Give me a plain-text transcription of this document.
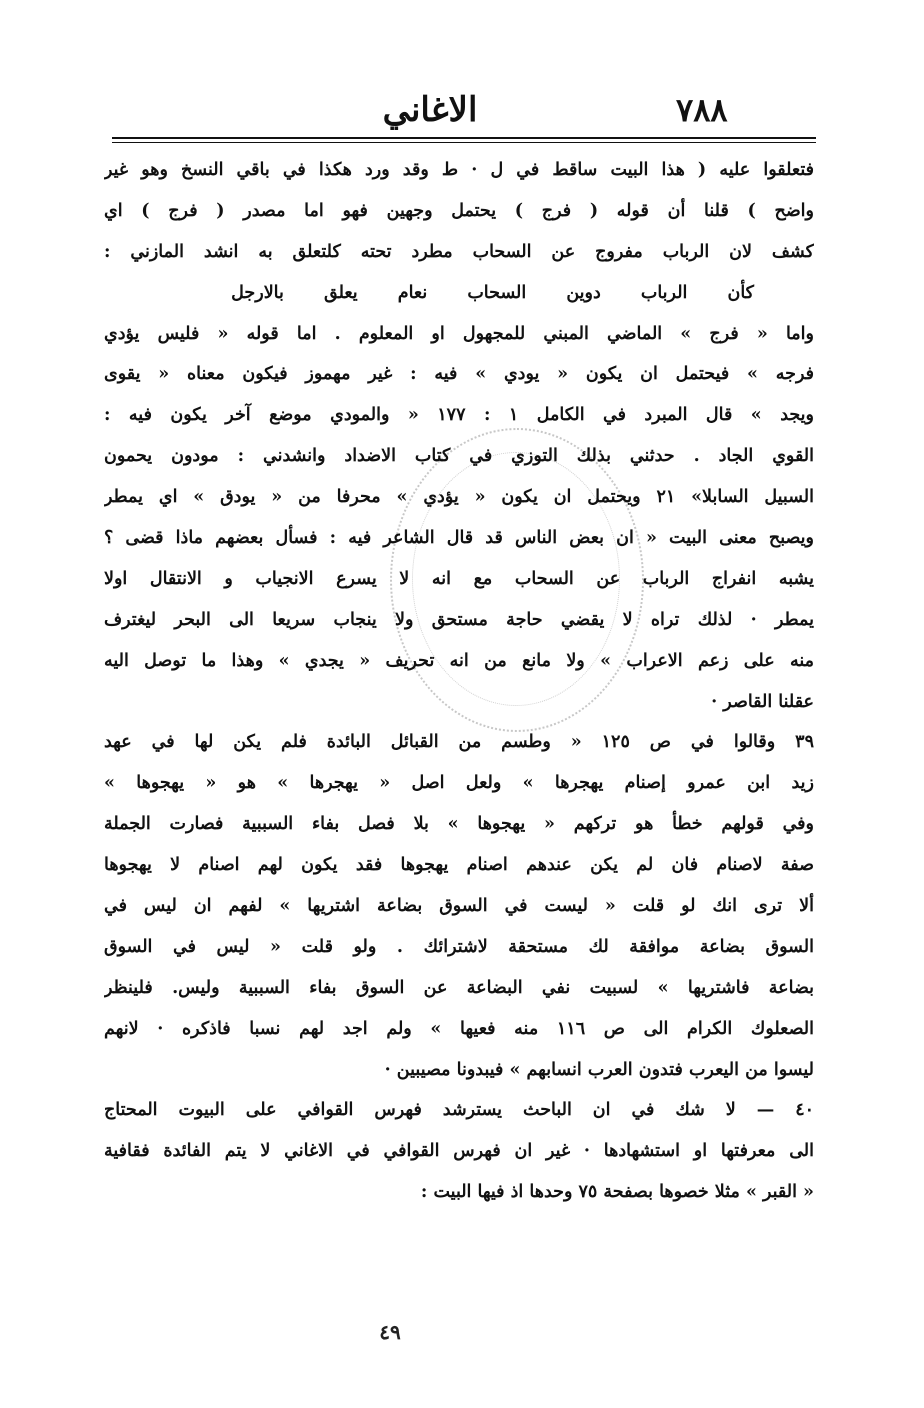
٧٨٨
الاغاني
فتعلقوا عليه ( هذا البيت ساقط في ل · ط وقد ورد هكذا في باقي النسخ وهو غير
واضح ) قلنا أن قوله ( فرج ) يحتمل وجهين فهو اما مصدر ( فرج ) اي
كشف لان الرباب مفروج عن السحاب مطرد تحته كلتعلق به انشد المازني :
كأن الرباب دوين السحاب نعام يعلق بالارجل
واما « فرج » الماضي المبني للمجهول او المعلوم . اما قوله « فليس يؤدي
فرجه » فيحتمل ان يكون « يودي » فيه : غير مهموز فيكون معناه « يقوى
ويجد » قال المبرد في الكامل ١ : ١٧٧ « والمودي موضع آخر يكون فيه :
القوي الجاد . حدثني بذلك التوزي في كتاب الاضداد وانشدني : مودون يحمون
السبيل السابلا» ٢١ ويحتمل ان يكون « يؤدي » محرفا من « يودق » اي يمطر
ويصبح معنى البيت « ان بعض الناس قد قال الشاعر فيه : فسأل بعضهم ماذا قضى ؟
يشبه انفراج الرباب عن السحاب مع انه لا يسرع الانجياب و الانتقال اولا
يمطر · لذلك تراه لا يقضي حاجة مستحق ولا ينجاب سريعا الى البحر ليغترف
منه على زعم الاعراب » ولا مانع من انه تحريف « يجدي » وهذا ما توصل اليه
عقلنا القاصر ·
٣٩ وقالوا في ص ١٢٥ « وطسم من القبائل البائدة فلم يكن لها في عهد
زيد ابن عمرو إصنام يهجرها » ولعل اصل « يهجرها » هو « يهجوها »
وفي قولهم خطأ هو تركهم « يهجوها » بلا فصل بفاء السببية فصارت الجملة
صفة لاصنام فان لم يكن عندهم اصنام يهجوها فقد يكون لهم اصنام لا يهجوها
ألا ترى انك لو قلت « ليست في السوق بضاعة اشتريها » لفهم ان ليس في
السوق بضاعة موافقة لك مستحقة لاشترائك . ولو قلت « ليس في السوق
بضاعة فاشتريها » لسبيت نفي البضاعة عن السوق بفاء السببية وليس. فلينظر
الصعلوك الكرام الى ص ١١٦ منه فعيها » ولم اجد لهم نسبا فاذكره · لانهم
ليسوا من اليعرب فتدون العرب انسابهم » فيبدونا مصيبين ·
٤٠ — لا شك في ان الباحث يسترشد فهرس القوافي على البيوت المحتاج
الى معرفتها او استشهادها · غير ان فهرس القوافي في الاغاني لا يتم الفائدة فقافية
« القبر » مثلا خصوها بصفحة ٧٥ وحدها اذ فيها البيت :
٤٩
